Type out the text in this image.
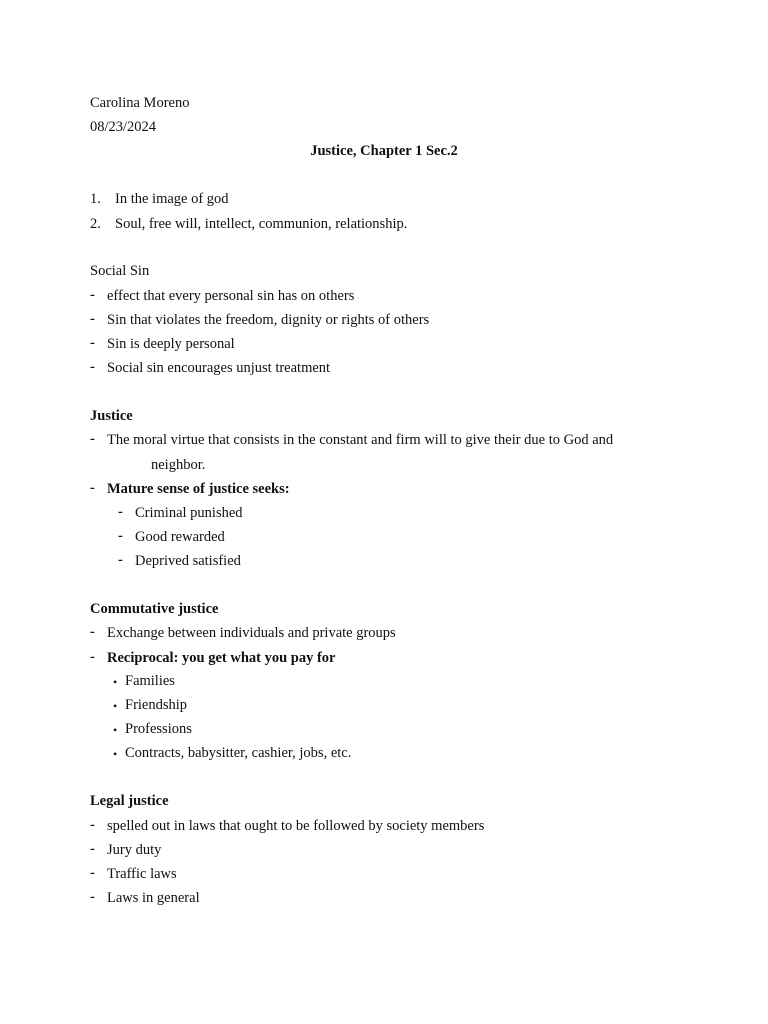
Carolina Moreno
08/23/2024
Justice, Chapter 1 Sec.2
1. In the image of god
2. Soul, free will, intellect, communion, relationship.
Social Sin
- effect that every personal sin has on others
- Sin that violates the freedom, dignity or rights of others
- Sin is deeply personal
- Social sin encourages unjust treatment
Justice
- The moral virtue that consists in the constant and firm will to give their due to God and
neighbor.
- Mature sense of justice seeks:
- Criminal punished
- Good rewarded
- Deprived satisfied
Commutative justice
- Exchange between individuals and private groups
- Reciprocal: you get what you pay for
• Families
• Friendship
• Professions
• Contracts, babysitter, cashier, jobs, etc.
Legal justice
- spelled out in laws that ought to be followed by society members
- Jury duty
- Traffic laws
- Laws in general
